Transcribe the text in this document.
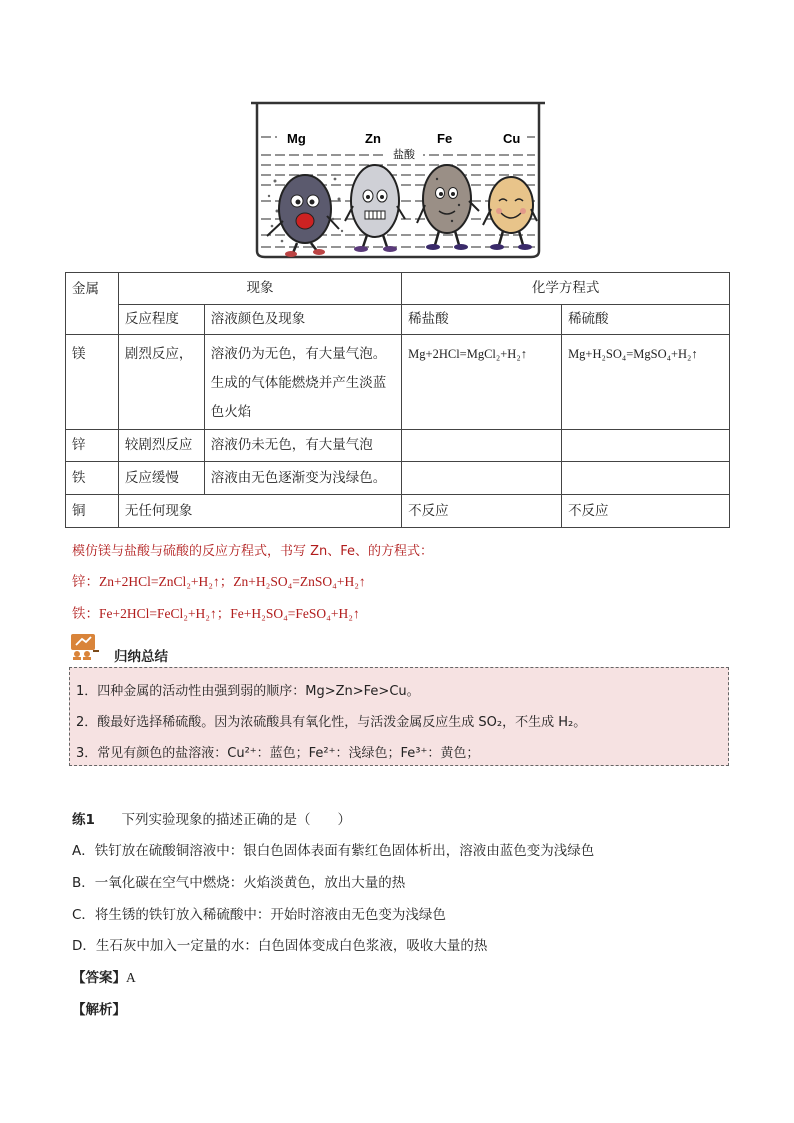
Mg	Zn	Fe	Cu
盐酸
金属	现象		化学方程式	
	反应程度	溶液颜色及现象	稀盐酸	稀硫酸
镁	剧烈反应，	溶液仍为无色，有大量气泡。
生成的气体能燃烧并产生淡蓝
色火焰	Mg+2HCl=MgCl₂+H₂↑	Mg+H₂SO₄=MgSO₄+H₂↑
锌	较剧烈反应	溶液仍未无色，有大量气泡		
铁	反应缓慢	溶液由无色逐渐变为浅绿色。		
铜	无任何现象		不反应	不反应
模仿镁与盐酸与硫酸的反应方程式，书写 Zn、Fe、的方程式：
锌：Zn+2HCl=ZnCl₂+H₂↑；Zn+H₂SO₄=ZnSO₄+H₂↑
铁：Fe+2HCl=FeCl₂+H₂↑；Fe+H₂SO₄=FeSO₄+H₂↑
归纳总结
1．四种金属的活动性由强到弱的顺序：Mg>Zn>Fe>Cu。
2．酸最好选择稀硫酸。因为浓硫酸具有氧化性，与活泼金属反应生成 SO₂，不生成 H₂。
3．常见有颜色的盐溶液：Cu²⁺：蓝色；Fe²⁺：浅绿色；Fe³⁺：黄色；
练1 下列实验现象的描述正确的是（　　）
A．铁钉放在硫酸铜溶液中：银白色固体表面有紫红色固体析出，溶液由蓝色变为浅绿色
B．一氧化碳在空气中燃烧：火焰淡黄色，放出大量的热
C．将生锈的铁钉放入稀硫酸中：开始时溶液由无色变为浅绿色
D．生石灰中加入一定量的水：白色固体变成白色浆液，吸收大量的热
【答案】A
【解析】
